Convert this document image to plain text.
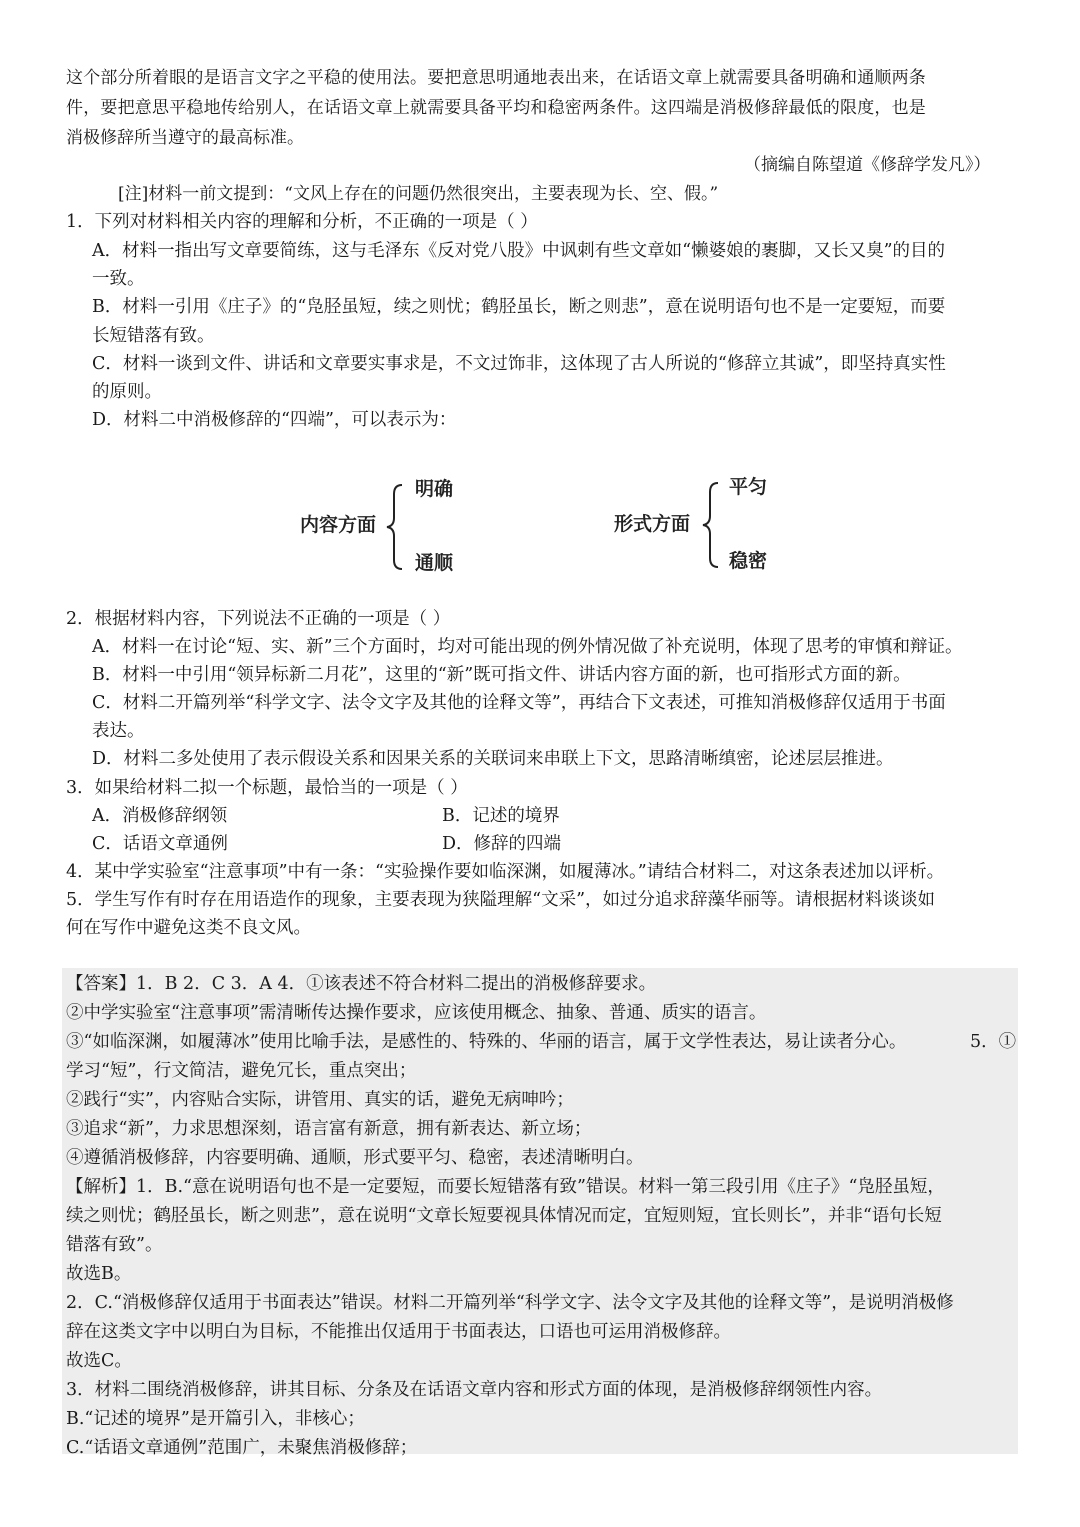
这个部分所着眼的是语言文字之平稳的使用法。要把意思明通地表出来，在话语文章上就需要具备明确和通顺两条
件，要把意思平稳地传给别人，在话语文章上就需要具备平均和稳密两条件。这四端是消极修辞最低的限度，也是
消极修辞所当遵守的最高标准。
（摘编自陈望道《修辞学发凡》）
[注]材料一前文提到：“文风上存在的问题仍然很突出，主要表现为长、空、假。”
1．下列对材料相关内容的理解和分析，不正确的一项是（ ）
A．材料一指出写文章要简练，这与毛泽东《反对党八股》中讽刺有些文章如“懒婆娘的裹脚，又长又臭”的目的
一致。
B．材料一引用《庄子》的“凫胫虽短，续之则忧；鹤胫虽长，断之则悲”，意在说明语句也不是一定要短，而要
长短错落有致。
C．材料一谈到文件、讲话和文章要实事求是，不文过饰非，这体现了古人所说的“修辞立其诚”，即坚持真实性
的原则。
D．材料二中消极修辞的“四端”，可以表示为：
内容方面
明确
通顺
形式方面
平匀
稳密
2．根据材料内容，下列说法不正确的一项是（ ）
A．材料一在讨论“短、实、新”三个方面时，均对可能出现的例外情况做了补充说明，体现了思考的审慎和辩证。
B．材料一中引用“领异标新二月花”，这里的“新”既可指文件、讲话内容方面的新，也可指形式方面的新。
C．材料二开篇列举“科学文字、法令文字及其他的诠释文等”，再结合下文表述，可推知消极修辞仅适用于书面
表达。
D．材料二多处使用了表示假设关系和因果关系的关联词来串联上下文，思路清晰缜密，论述层层推进。
3．如果给材料二拟一个标题，最恰当的一项是（ ）
A．消极修辞纲领	B．记述的境界
C．话语文章通例	D．修辞的四端
4．某中学实验室“注意事项”中有一条：“实验操作要如临深渊，如履薄冰。”请结合材料二，对这条表述加以评析。
5．学生写作有时存在用语造作的现象，主要表现为狭隘理解“文采”，如过分追求辞藻华丽等。请根据材料谈谈如
何在写作中避免这类不良文风。
【答案】1．B 2．C 3．A 4．①该表述不符合材料二提出的消极修辞要求。
②中学实验室“注意事项”需清晰传达操作要求，应该使用概念、抽象、普通、质实的语言。
③“如临深渊，如履薄冰”使用比喻手法，是感性的、特殊的、华丽的语言，属于文学性表达，易让读者分心。	5．①
学习“短”，行文简洁，避免冗长，重点突出；
②践行“实”，内容贴合实际，讲管用、真实的话，避免无病呻吟；
③追求“新”，力求思想深刻，语言富有新意，拥有新表达、新立场；
④遵循消极修辞，内容要明确、通顺，形式要平匀、稳密，表述清晰明白。
【解析】1．B.“意在说明语句也不是一定要短，而要长短错落有致”错误。材料一第三段引用《庄子》“凫胫虽短，
续之则忧；鹤胫虽长，断之则悲”，意在说明“文章长短要视具体情况而定，宜短则短，宜长则长”，并非“语句长短
错落有致”。
故选B。
2．C.“消极修辞仅适用于书面表达”错误。材料二开篇列举“科学文字、法令文字及其他的诠释文等”，是说明消极修
辞在这类文字中以明白为目标，不能推出仅适用于书面表达，口语也可运用消极修辞。
故选C。
3．材料二围绕消极修辞，讲其目标、分条及在话语文章内容和形式方面的体现，是消极修辞纲领性内容。
B.“记述的境界”是开篇引入，非核心；
C.“话语文章通例”范围广，未聚焦消极修辞；
